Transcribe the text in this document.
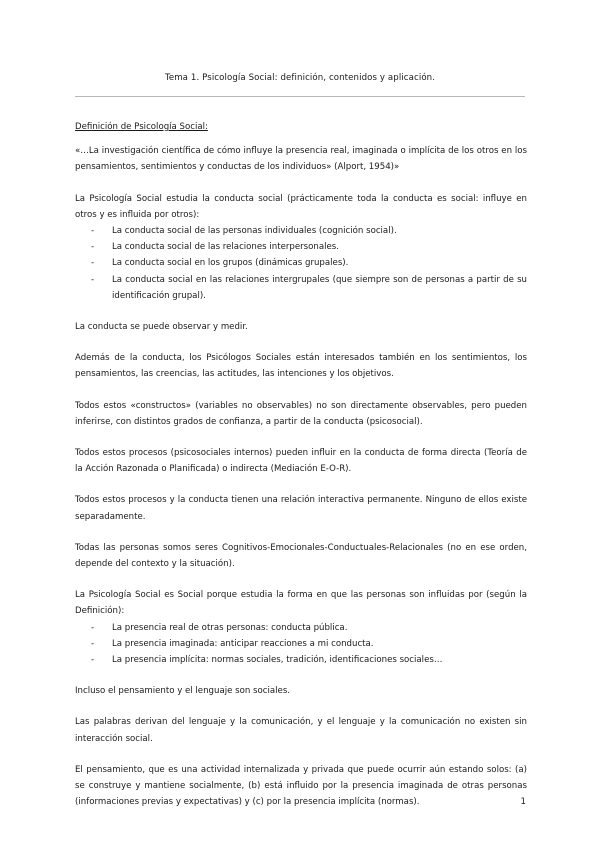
Tema 1. Psicología Social: definición, contenidos y aplicación.

Definición de Psicología Social:

«…La investigación científica de cómo influye la presencia real, imaginada o implícita de los otros en los pensamientos, sentimientos y conductas de los individuos» (Alport, 1954)»

La Psicología Social estudia la conducta social (prácticamente toda la conducta es social: influye en otros y es influida por otros):

- La conducta social de las personas individuales (cognición social).
- La conducta social de las relaciones interpersonales.
- La conducta social en los grupos (dinámicas grupales).
- La conducta social en las relaciones intergrupales (que siempre son de personas a partir de su identificación grupal).

La conducta se puede observar y medir.

Además de la conducta, los Psicólogos Sociales están interesados también en los sentimientos, los pensamientos, las creencias, las actitudes, las intenciones y los objetivos.

Todos estos «constructos» (variables no observables) no son directamente observables, pero pueden inferirse, con distintos grados de confianza, a partir de la conducta (psicosocial).

Todos estos procesos (psicosociales internos) pueden influir en la conducta de forma directa (Teoría de la Acción Razonada o Planificada) o indirecta (Mediación E-O-R).

Todos estos procesos y la conducta tienen una relación interactiva permanente. Ninguno de ellos existe separadamente.

Todas las personas somos seres Cognitivos-Emocionales-Conductuales-Relacionales (no en ese orden, depende del contexto y la situación).

La Psicología Social es Social porque estudia la forma en que las personas son influidas por (según la Definición):

- La presencia real de otras personas: conducta pública.
- La presencia imaginada: anticipar reacciones a mi conducta.
- La presencia implícita: normas sociales, tradición, identificaciones sociales…

Incluso el pensamiento y el lenguaje son sociales.

Las palabras derivan del lenguaje y la comunicación, y el lenguaje y la comunicación no existen sin interacción social.

El pensamiento, que es una actividad internalizada y privada que puede ocurrir aún estando solos: (a) se construye y mantiene socialmente, (b) está influido por la presencia imaginada de otras personas (informaciones previas y expectativas) y (c) por la presencia implícita (normas).	1
